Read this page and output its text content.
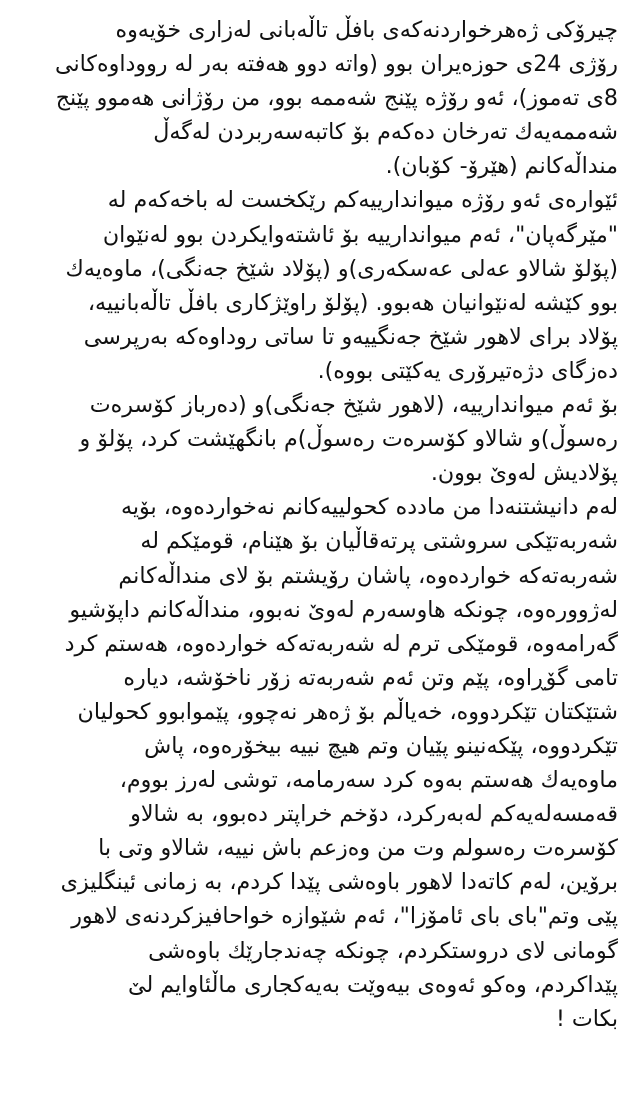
چیرۆکی ژەهرخواردنەکەی بافڵ تاڵەبانی لەزاری خۆیەوە
رۆژی 24ی حوزەیران بوو (واتە دوو هەفتە بەر لە رووداوەکانی
8ی تەموز)، ئەو رۆژە پێنج شەممە بوو، من رۆژانی هەموو پێنج
شەممەیەك تەرخان دەکەم بۆ کاتبەسەربردن لەگەڵ
منداڵەکانم (هێرۆ- کۆبان).
ئێوارەی ئەو رۆژە میواندارییەکم رێکخست لە باخەکەم لە
"مێرگەپان"، ئەم میوانداریيە بۆ ئاشتەوایکردن بوو لەنێوان
(پۆلۆ شالاو عەلی عەسکەری)و (پۆلاد شێخ جەنگی)، ماوەیەك
بوو کێشە لەنێوانیان هەبوو. (پۆلۆ راوێژکاری بافڵ تاڵەبانییە،
پۆلاد برای لاهور شێخ جەنگییەو تا ساتی روداوەکە بەرپرسی
دەزگای دژەتیرۆری یەکێتی بووە).
بۆ ئەم میواندارییە، (لاهور شێخ جەنگی)و (دەرباز کۆسرەت
رەسوڵ)و شالاو کۆسرەت رەسوڵ)م بانگهێشت کرد، پۆلۆ و
پۆلادیش لەوێ بوون.
لەم دانیشتنەدا من مادده کحولییەکانم نەخواردەوە، بۆیە
شەربەتێکی سروشتی پرتەقاڵیان بۆ هێنام، قومێکم لە
شەربەتەکە خواردەوە، پاشان رۆیشتم بۆ لای منداڵەکانم
لەژوورەوە، چونکە هاوسەرم لەوێ نەبوو، منداڵەکانم داپۆشیو
گەرامەوە، قومێکی ترم لە شەربەتەکە خواردەوە، هەستم کرد
تامی گۆڕاوە، پێم وتن ئەم شەربەتە زۆر ناخۆشە، دیارە
شتێکتان تێکردووە، خەیاڵم بۆ ژەهر نەچوو، پێموابوو کحولیان
تێکردووە، پێکەنینو پێیان وتم هیچ نییە بیخۆرەوە، پاش
ماوەیەك هەستم بەوە کرد سەرمامە، توشی لەرز بووم،
قەمسەلەیەکم لەبەرکرد، دۆخم خراپتر دەبوو، بە شالاو
کۆسرەت رەسولم وت من وەزعم باش نییە، شالاو وتی با
برۆین، لەم کاتەدا لاهور باوەشی پێدا کردم، بە زمانی ئینگلیزی
پێی وتم"بای بای ئامۆزا"، ئەم شێوازە خواحافیزکردنەی لاهور
گومانی لای دروستکردم، چونکە چەندجارێك باوەشی
پێداکردم، وەکو ئەوەی بیەوێت بەیەکجاری ماڵئاوایم لێ
بکات !
